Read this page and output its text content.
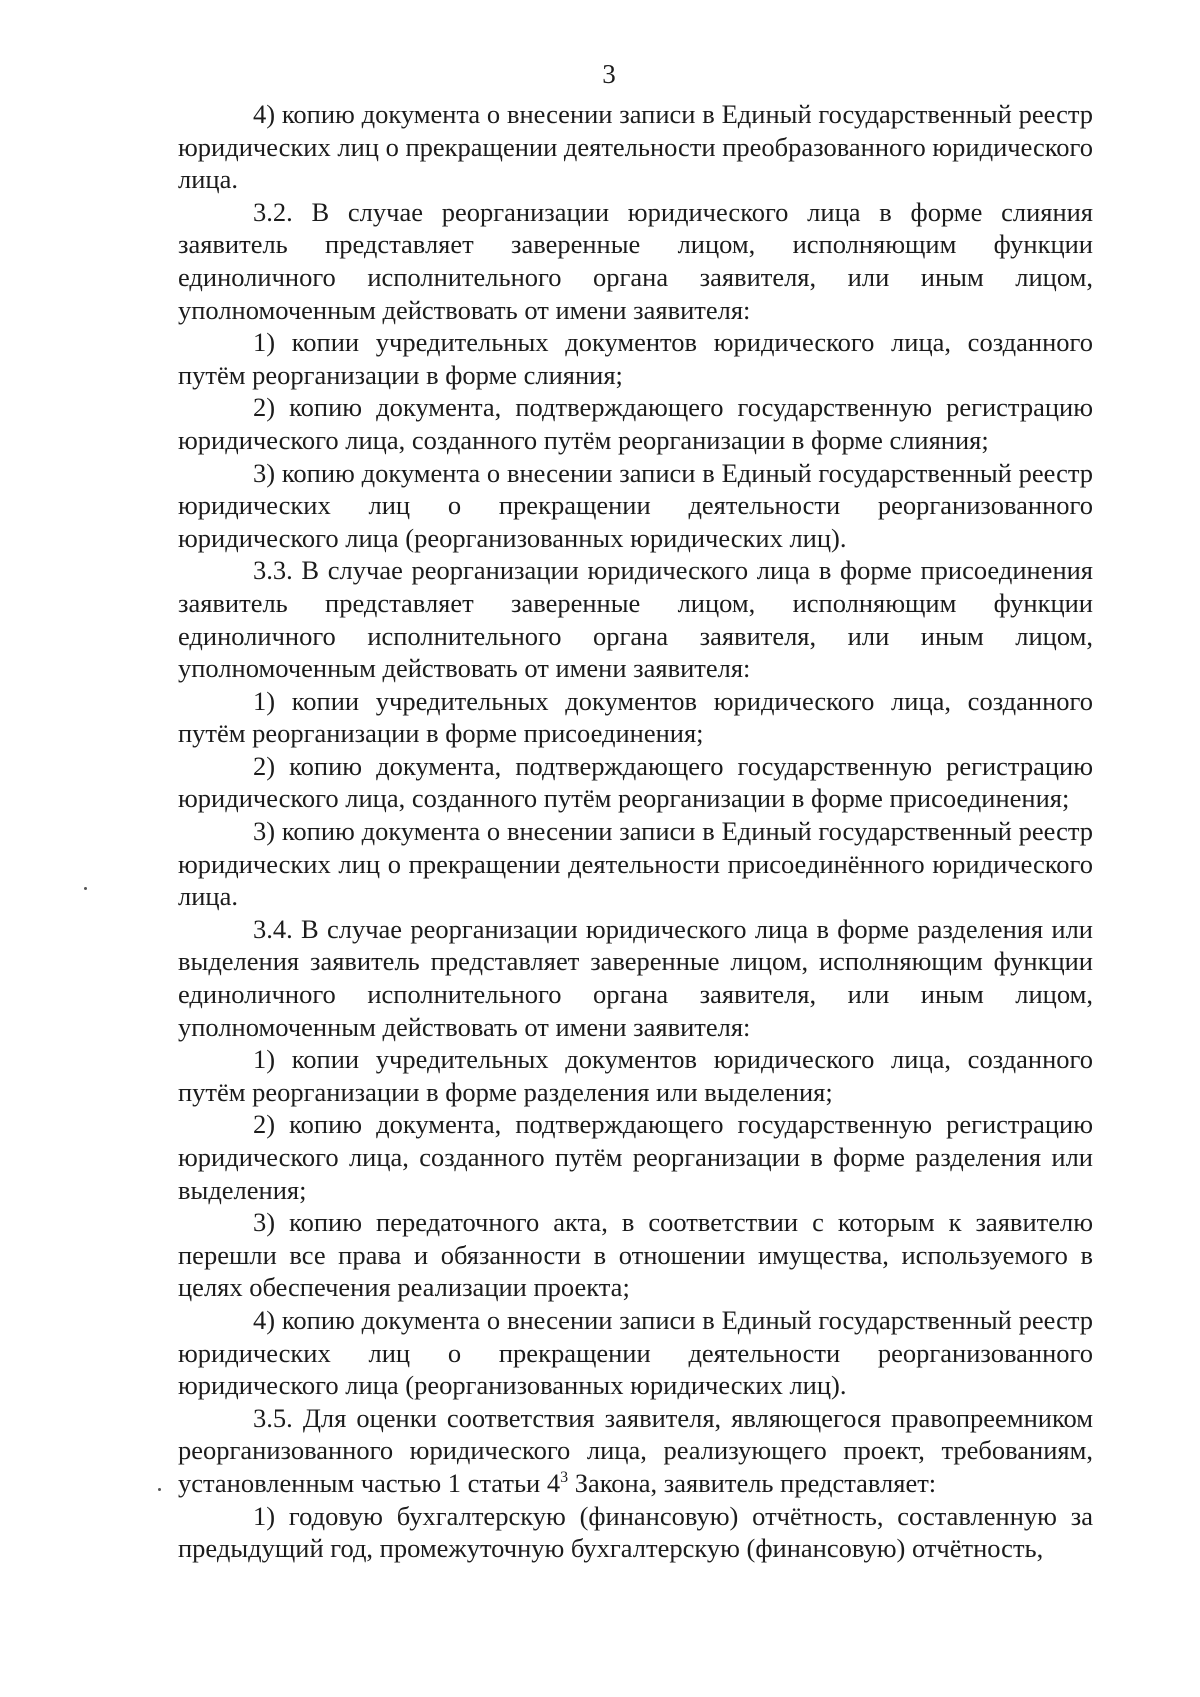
3

4) копию документа о внесении записи в Единый государственный реестр юридических лиц о прекращении деятельности преобразованного юридического лица.

3.2. В случае реорганизации юридического лица в форме слияния заявитель представляет заверенные лицом, исполняющим функции единоличного исполнительного органа заявителя, или иным лицом, уполномоченным действовать от имени заявителя:

1) копии учредительных документов юридического лица, созданного путём реорганизации в форме слияния;

2) копию документа, подтверждающего государственную регистрацию юридического лица, созданного путём реорганизации в форме слияния;

3) копию документа о внесении записи в Единый государственный реестр юридических лиц о прекращении деятельности реорганизованного юридического лица (реорганизованных юридических лиц).

3.3. В случае реорганизации юридического лица в форме присоединения заявитель представляет заверенные лицом, исполняющим функции единоличного исполнительного органа заявителя, или иным лицом, уполномоченным действовать от имени заявителя:

1) копии учредительных документов юридического лица, созданного путём реорганизации в форме присоединения;

2) копию документа, подтверждающего государственную регистрацию юридического лица, созданного путём реорганизации в форме присоединения;

3) копию документа о внесении записи в Единый государственный реестр юридических лиц о прекращении деятельности присоединённого юридического лица.

3.4. В случае реорганизации юридического лица в форме разделения или выделения заявитель представляет заверенные лицом, исполняющим функции единоличного исполнительного органа заявителя, или иным лицом, уполномоченным действовать от имени заявителя:

1) копии учредительных документов юридического лица, созданного путём реорганизации в форме разделения или выделения;

2) копию документа, подтверждающего государственную регистрацию юридического лица, созданного путём реорганизации в форме разделения или выделения;

3) копию передаточного акта, в соответствии с которым к заявителю перешли все права и обязанности в отношении имущества, используемого в целях обеспечения реализации проекта;

4) копию документа о внесении записи в Единый государственный реестр юридических лиц о прекращении деятельности реорганизованного юридического лица (реорганизованных юридических лиц).

3.5. Для оценки соответствия заявителя, являющегося правопреемником реорганизованного юридического лица, реализующего проект, требованиям, установленным частью 1 статьи $4^3$ Закона, заявитель представляет:

1) годовую бухгалтерскую (финансовую) отчётность, составленную за предыдущий год, промежуточную бухгалтерскую (финансовую) отчётность,
